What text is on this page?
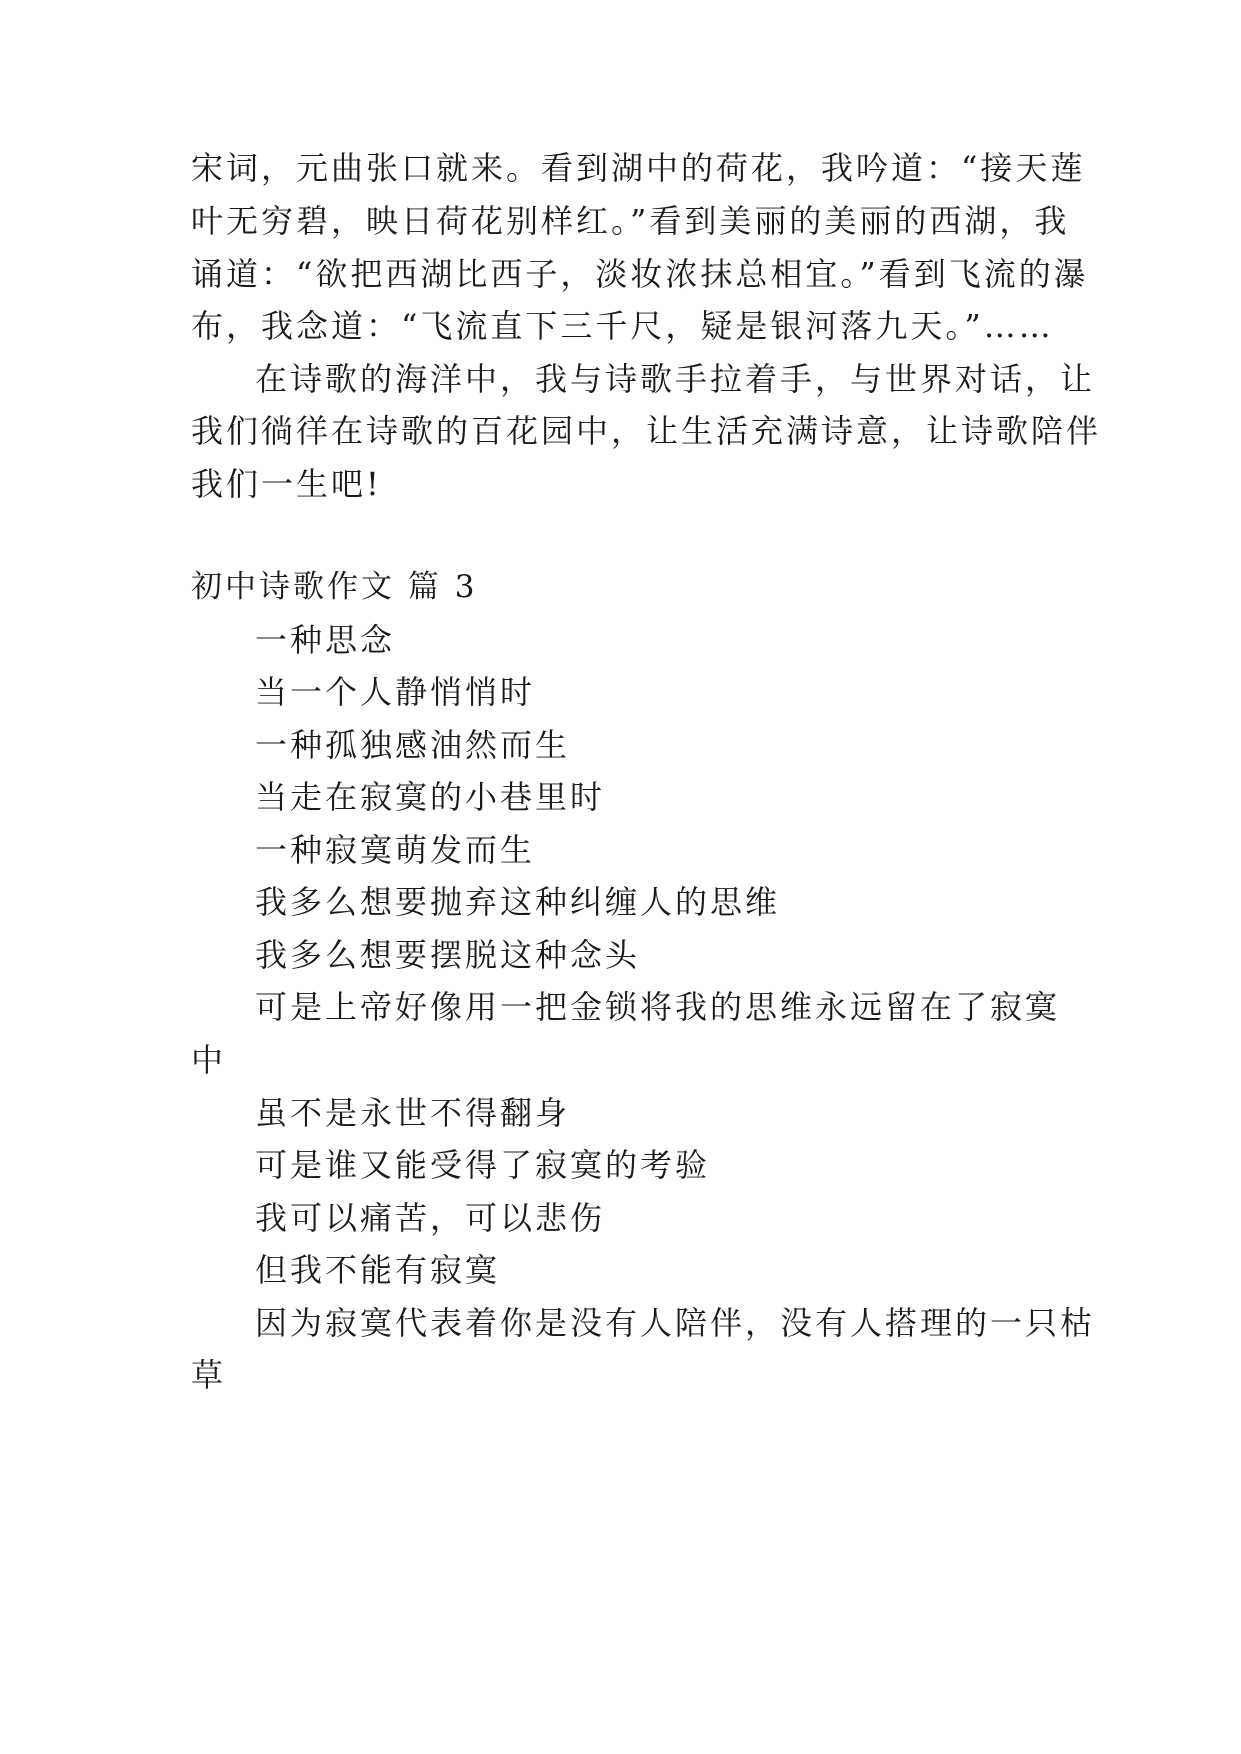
宋词，元曲张口就来。看到湖中的荷花，我吟道：“接天莲
叶无穷碧，映日荷花别样红。”看到美丽的美丽的西湖，我
诵道：“欲把西湖比西子，淡妆浓抹总相宜。”看到飞流的瀑
布，我念道：“飞流直下三千尺，疑是银河落九天。”……
在诗歌的海洋中，我与诗歌手拉着手，与世界对话，让
我们徜徉在诗歌的百花园中，让生活充满诗意，让诗歌陪伴
我们一生吧!
初中诗歌作文 篇 3
一种思念
当一个人静悄悄时
一种孤独感油然而生
当走在寂寞的小巷里时
一种寂寞萌发而生
我多么想要抛弃这种纠缠人的思维
我多么想要摆脱这种念头
可是上帝好像用一把金锁将我的思维永远留在了寂寞
中
虽不是永世不得翻身
可是谁又能受得了寂寞的考验
我可以痛苦，可以悲伤
但我不能有寂寞
因为寂寞代表着你是没有人陪伴，没有人搭理的一只枯
草
